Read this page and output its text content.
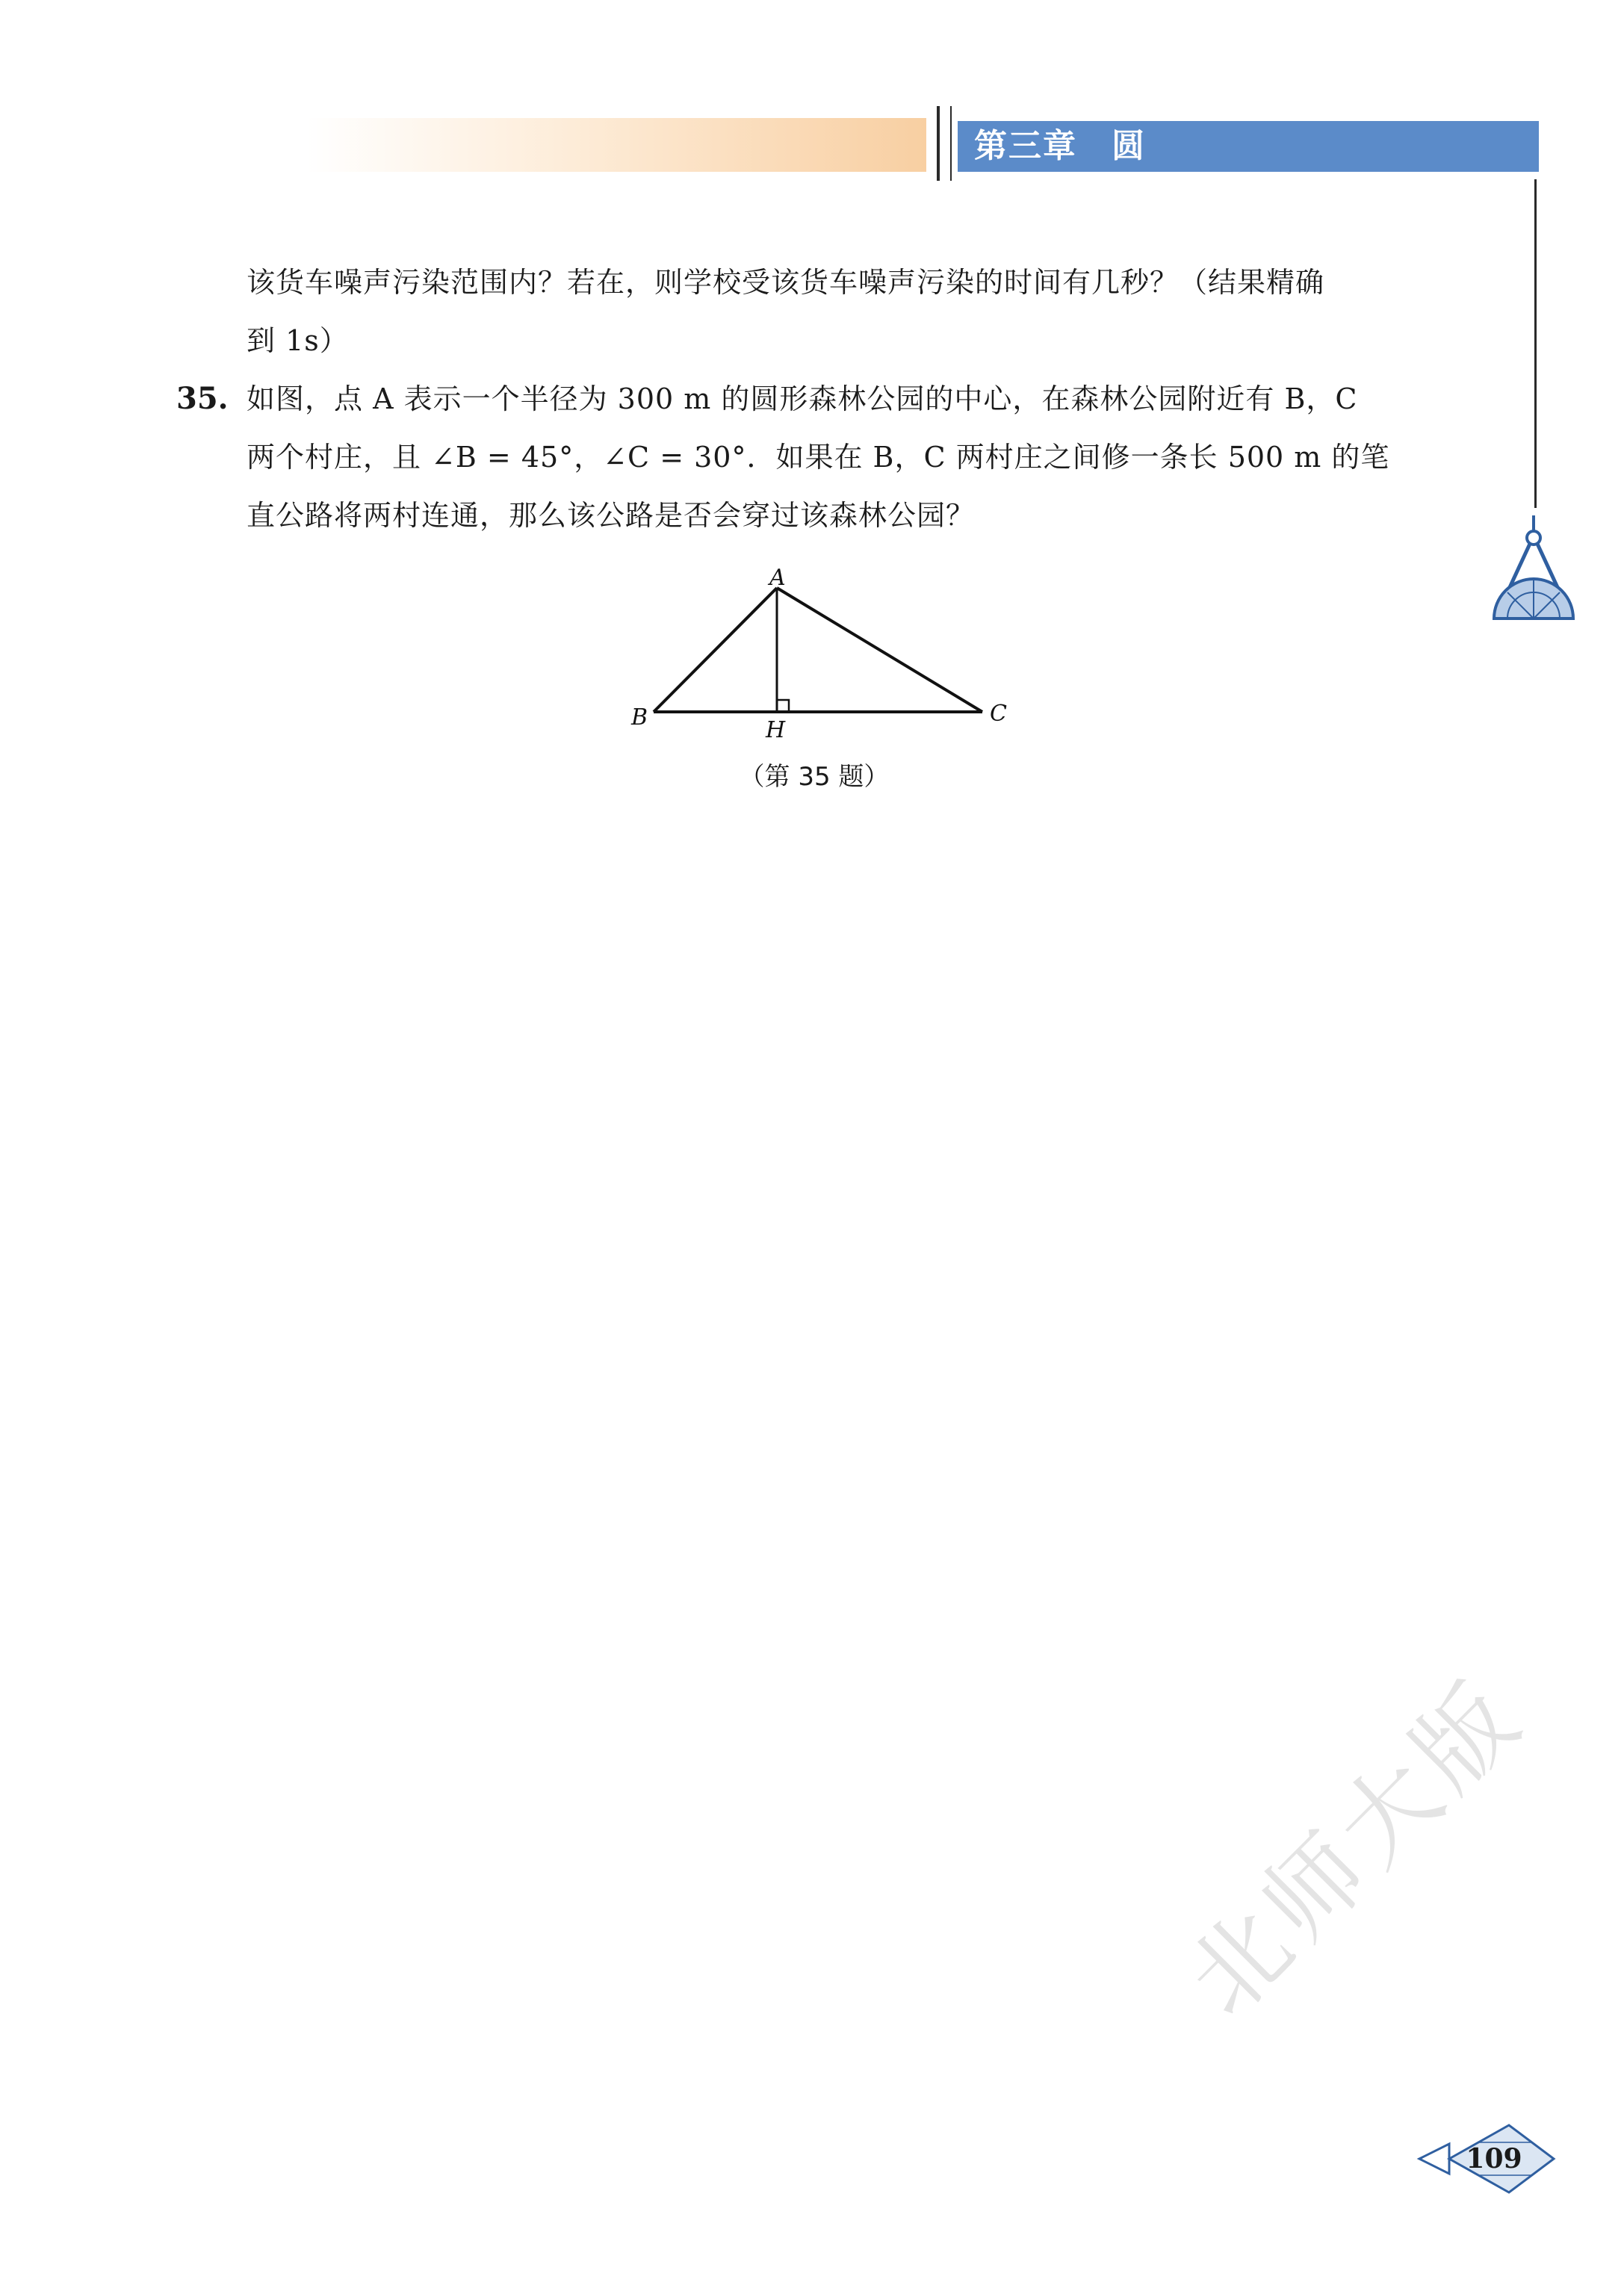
第三章　圆
该货车噪声污染范围内？若在，则学校受该货车噪声污染的时间有几秒？（结果精确
到 1s）
35. 如图，点 A 表示一个半径为 300 m 的圆形森林公园的中心，在森林公园附近有 B，C
两个村庄，且 ∠B = 45°，∠C = 30°．如果在 B，C 两村庄之间修一条长 500 m 的笔
直公路将两村连通，那么该公路是否会穿过该森林公园？
A
B	C
H
（第 35 题）
北师大版
109
